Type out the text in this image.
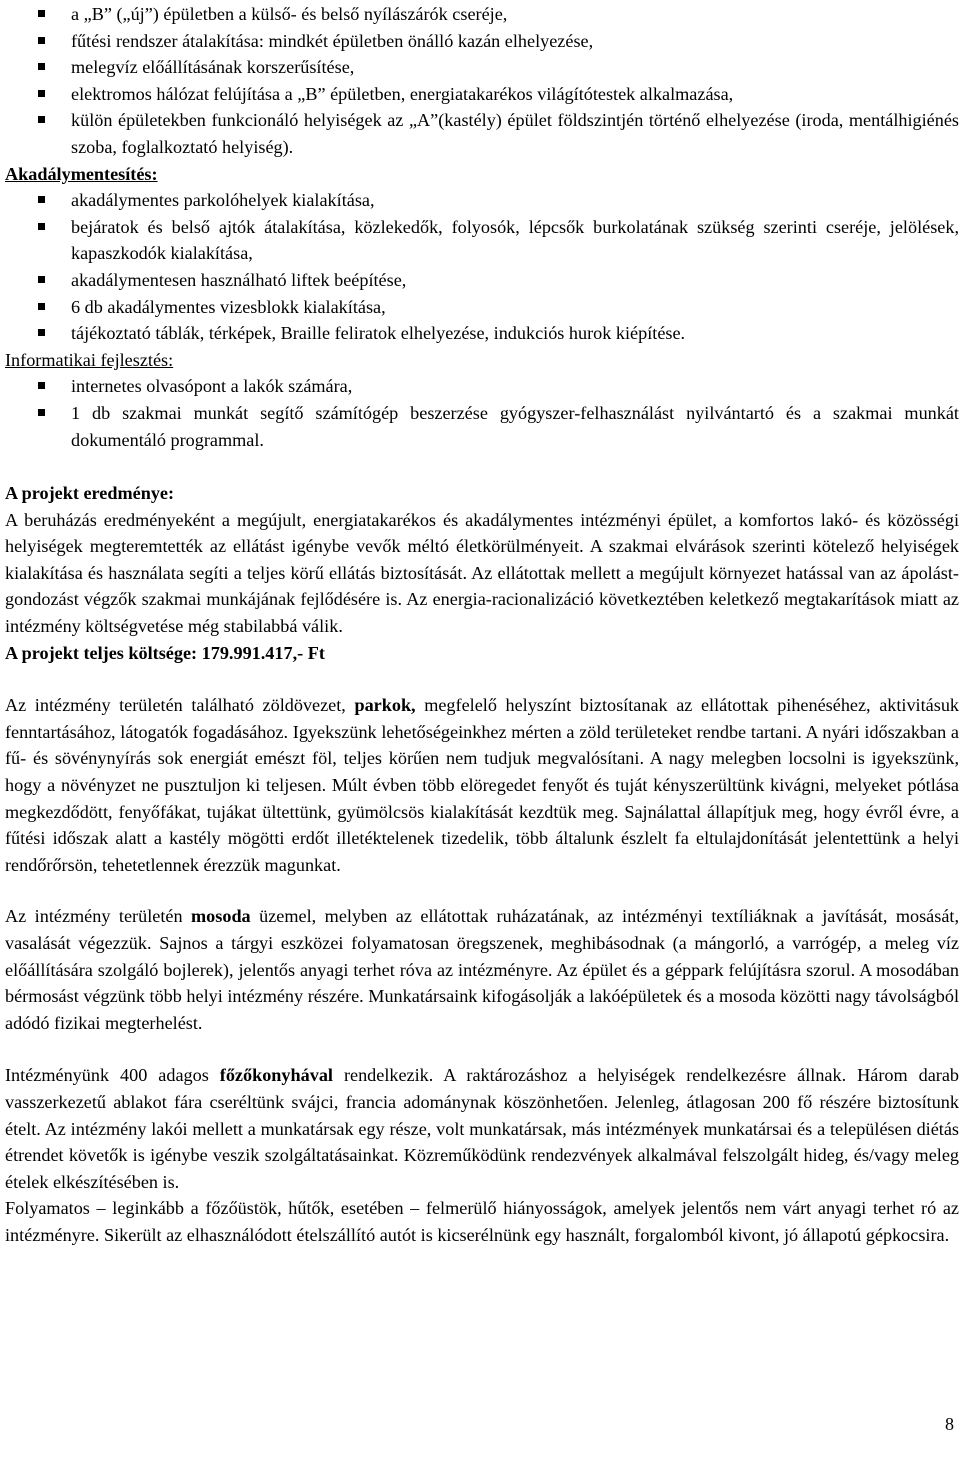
a „B” („új”) épületben a külső- és belső nyílászárók cseréje,
fűtési rendszer átalakítása: mindkét épületben önálló kazán elhelyezése,
melegvíz előállításának korszerűsítése,
elektromos hálózat felújítása a „B” épületben, energiatakarékos világítótestek alkalmazása,
külön épületekben funkcionáló helyiségek az „A”(kastély) épület földszintjén történő elhelyezése (iroda, mentálhigiénés szoba, foglalkoztató helyiség).
Akadálymentesítés:
akadálymentes parkolóhelyek kialakítása,
bejáratok és belső ajtók átalakítása, közlekedők, folyosók, lépcsők burkolatának szükség szerinti cseréje, jelölések, kapaszkodók kialakítása,
akadálymentesen használható liftek beépítése,
6 db akadálymentes vizesblokk kialakítása,
tájékoztató táblák, térképek, Braille feliratok elhelyezése, indukciós hurok kiépítése.
Informatikai fejlesztés:
internetes olvasópont a lakók számára,
1 db szakmai munkát segítő számítógép beszerzése gyógyszer-felhasználást nyilvántartó és a szakmai munkát dokumentáló programmal.
A projekt eredménye:

A beruházás eredményeként a megújult, energiatakarékos és akadálymentes intézményi épület, a komfortos lakó- és közösségi helyiségek megteremtették az ellátást igénybe vevők méltó életkörülményeit. A szakmai elvárások szerinti kötelező helyiségek kialakítása és használata segíti a teljes körű ellátás biztosítását. Az ellátottak mellett a megújult környezet hatással van az ápolást-gondozást végzők szakmai munkájának fejlődésére is. Az energia-racionalizáció következtében keletkező megtakarítások miatt az intézmény költségvetése még stabilabbá válik.

A projekt teljes költsége: 179.991.417,- Ft

Az intézmény területén található zöldövezet, parkok, megfelelő helyszínt biztosítanak az ellátottak pihenéséhez, aktivitásuk fenntartásához, látogatók fogadásához. Igyekszünk lehetőségeinkhez mérten a zöld területeket rendbe tartani. A nyári időszakban a fű- és sövénynyírás sok energiát emészt föl, teljes körűen nem tudjuk megvalósítani. A nagy melegben locsolni is igyekszünk, hogy a növényzet ne pusztuljon ki teljesen. Múlt évben több elöregedet fenyőt és tuját kényszerültünk kivágni, melyeket pótlása megkezdődött, fenyőfákat, tujákat ültettünk, gyümölcsös kialakítását kezdtük meg. Sajnálattal állapítjuk meg, hogy évről évre, a fűtési időszak alatt a kastély mögötti erdőt illetéktelenek tizedelik, több általunk észlelt fa eltulajdonítását jelentettünk a helyi rendőrőrsön, tehetetlennek érezzük magunkat.

Az intézmény területén mosoda üzemel, melyben az ellátottak ruházatának, az intézményi textíliáknak a javítását, mosását, vasalását végezzük. Sajnos a tárgyi eszközei folyamatosan öregszenek, meghibásodnak (a mángorló, a varrógép, a meleg víz előállítására szolgáló bojlerek), jelentős anyagi terhet róva az intézményre. Az épület és a géppark felújításra szorul. A mosodában bérmosást végzünk több helyi intézmény részére. Munkatársaink kifogásolják a lakóépületek és a mosoda közötti nagy távolságból adódó fizikai megterhelést.

Intézményünk 400 adagos főzőkonyhával rendelkezik. A raktározáshoz a helyiségek rendelkezésre állnak. Három darab vasszerkezetű ablakot fára cseréltünk svájci, francia adománynak köszönhetően. Jelenleg, átlagosan 200 fő részére biztosítunk ételt. Az intézmény lakói mellett a munkatársak egy része, volt munkatársak, más intézmények munkatársai és a településen diétás étrendet követők is igénybe veszik szolgáltatásainkat. Közreműködünk rendezvények alkalmával felszolgált hideg, és/vagy meleg ételek elkészítésében is.

Folyamatos – leginkább a főzőüstök, hűtők, esetében – felmerülő hiányosságok, amelyek jelentős nem várt anyagi terhet ró az intézményre. Sikerült az elhasználódott ételszállító autót is kicserélnünk egy használt, forgalomból kivont, jó állapotú gépkocsira.

8
